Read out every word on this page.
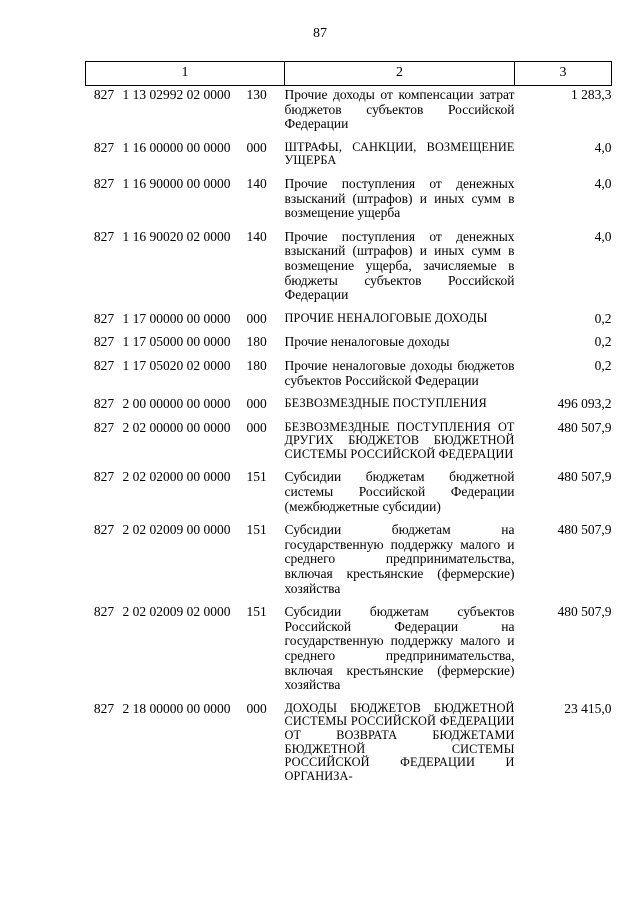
87
1			2	3
827	1 13 02992 02 0000	130	Прочие доходы от компенсации затрат бюджетов субъектов Российской Федерации	1 283,3
827	1 16 00000 00 0000	000	ШТРАФЫ, САНКЦИИ, ВОЗМЕЩЕНИЕ УЩЕРБА	4,0
827	1 16 90000 00 0000	140	Прочие поступления от денежных взысканий (штрафов) и иных сумм в возмещение ущерба	4,0
827	1 16 90020 02 0000	140	Прочие поступления от денежных взысканий (штрафов) и иных сумм в возмещение ущерба, зачисляемые в бюджеты субъектов Российской Федерации	4,0
827	1 17 00000 00 0000	000	ПРОЧИЕ НЕНАЛОГОВЫЕ ДОХОДЫ	0,2
827	1 17 05000 00 0000	180	Прочие неналоговые доходы	0,2
827	1 17 05020 02 0000	180	Прочие неналоговые доходы бюджетов субъектов Российской Федерации	0,2
827	2 00 00000 00 0000	000	БЕЗВОЗМЕЗДНЫЕ ПОСТУПЛЕНИЯ	496 093,2
827	2 02 00000 00 0000	000	БЕЗВОЗМЕЗДНЫЕ ПОСТУПЛЕНИЯ ОТ ДРУГИХ БЮДЖЕТОВ БЮДЖЕТНОЙ СИСТЕМЫ РОССИЙСКОЙ ФЕДЕРАЦИИ	480 507,9
827	2 02 02000 00 0000	151	Субсидии бюджетам бюджетной системы Российской Федерации (межбюджетные субсидии)	480 507,9
827	2 02 02009 00 0000	151	Субсидии бюджетам на государственную поддержку малого и среднего предпринимательства, включая крестьянские (фермерские) хозяйства	480 507,9
827	2 02 02009 02 0000	151	Субсидии бюджетам субъектов Российской Федерации на государственную поддержку малого и среднего предпринимательства, включая крестьянские (фермерские) хозяйства	480 507,9
827	2 18 00000 00 0000	000	ДОХОДЫ БЮДЖЕТОВ БЮДЖЕТНОЙ СИСТЕМЫ РОССИЙСКОЙ ФЕДЕРАЦИИ ОТ ВОЗВРАТА БЮДЖЕТАМИ БЮДЖЕТНОЙ СИСТЕМЫ РОССИЙСКОЙ ФЕДЕРАЦИИ И ОРГАНИЗА-	23 415,0
